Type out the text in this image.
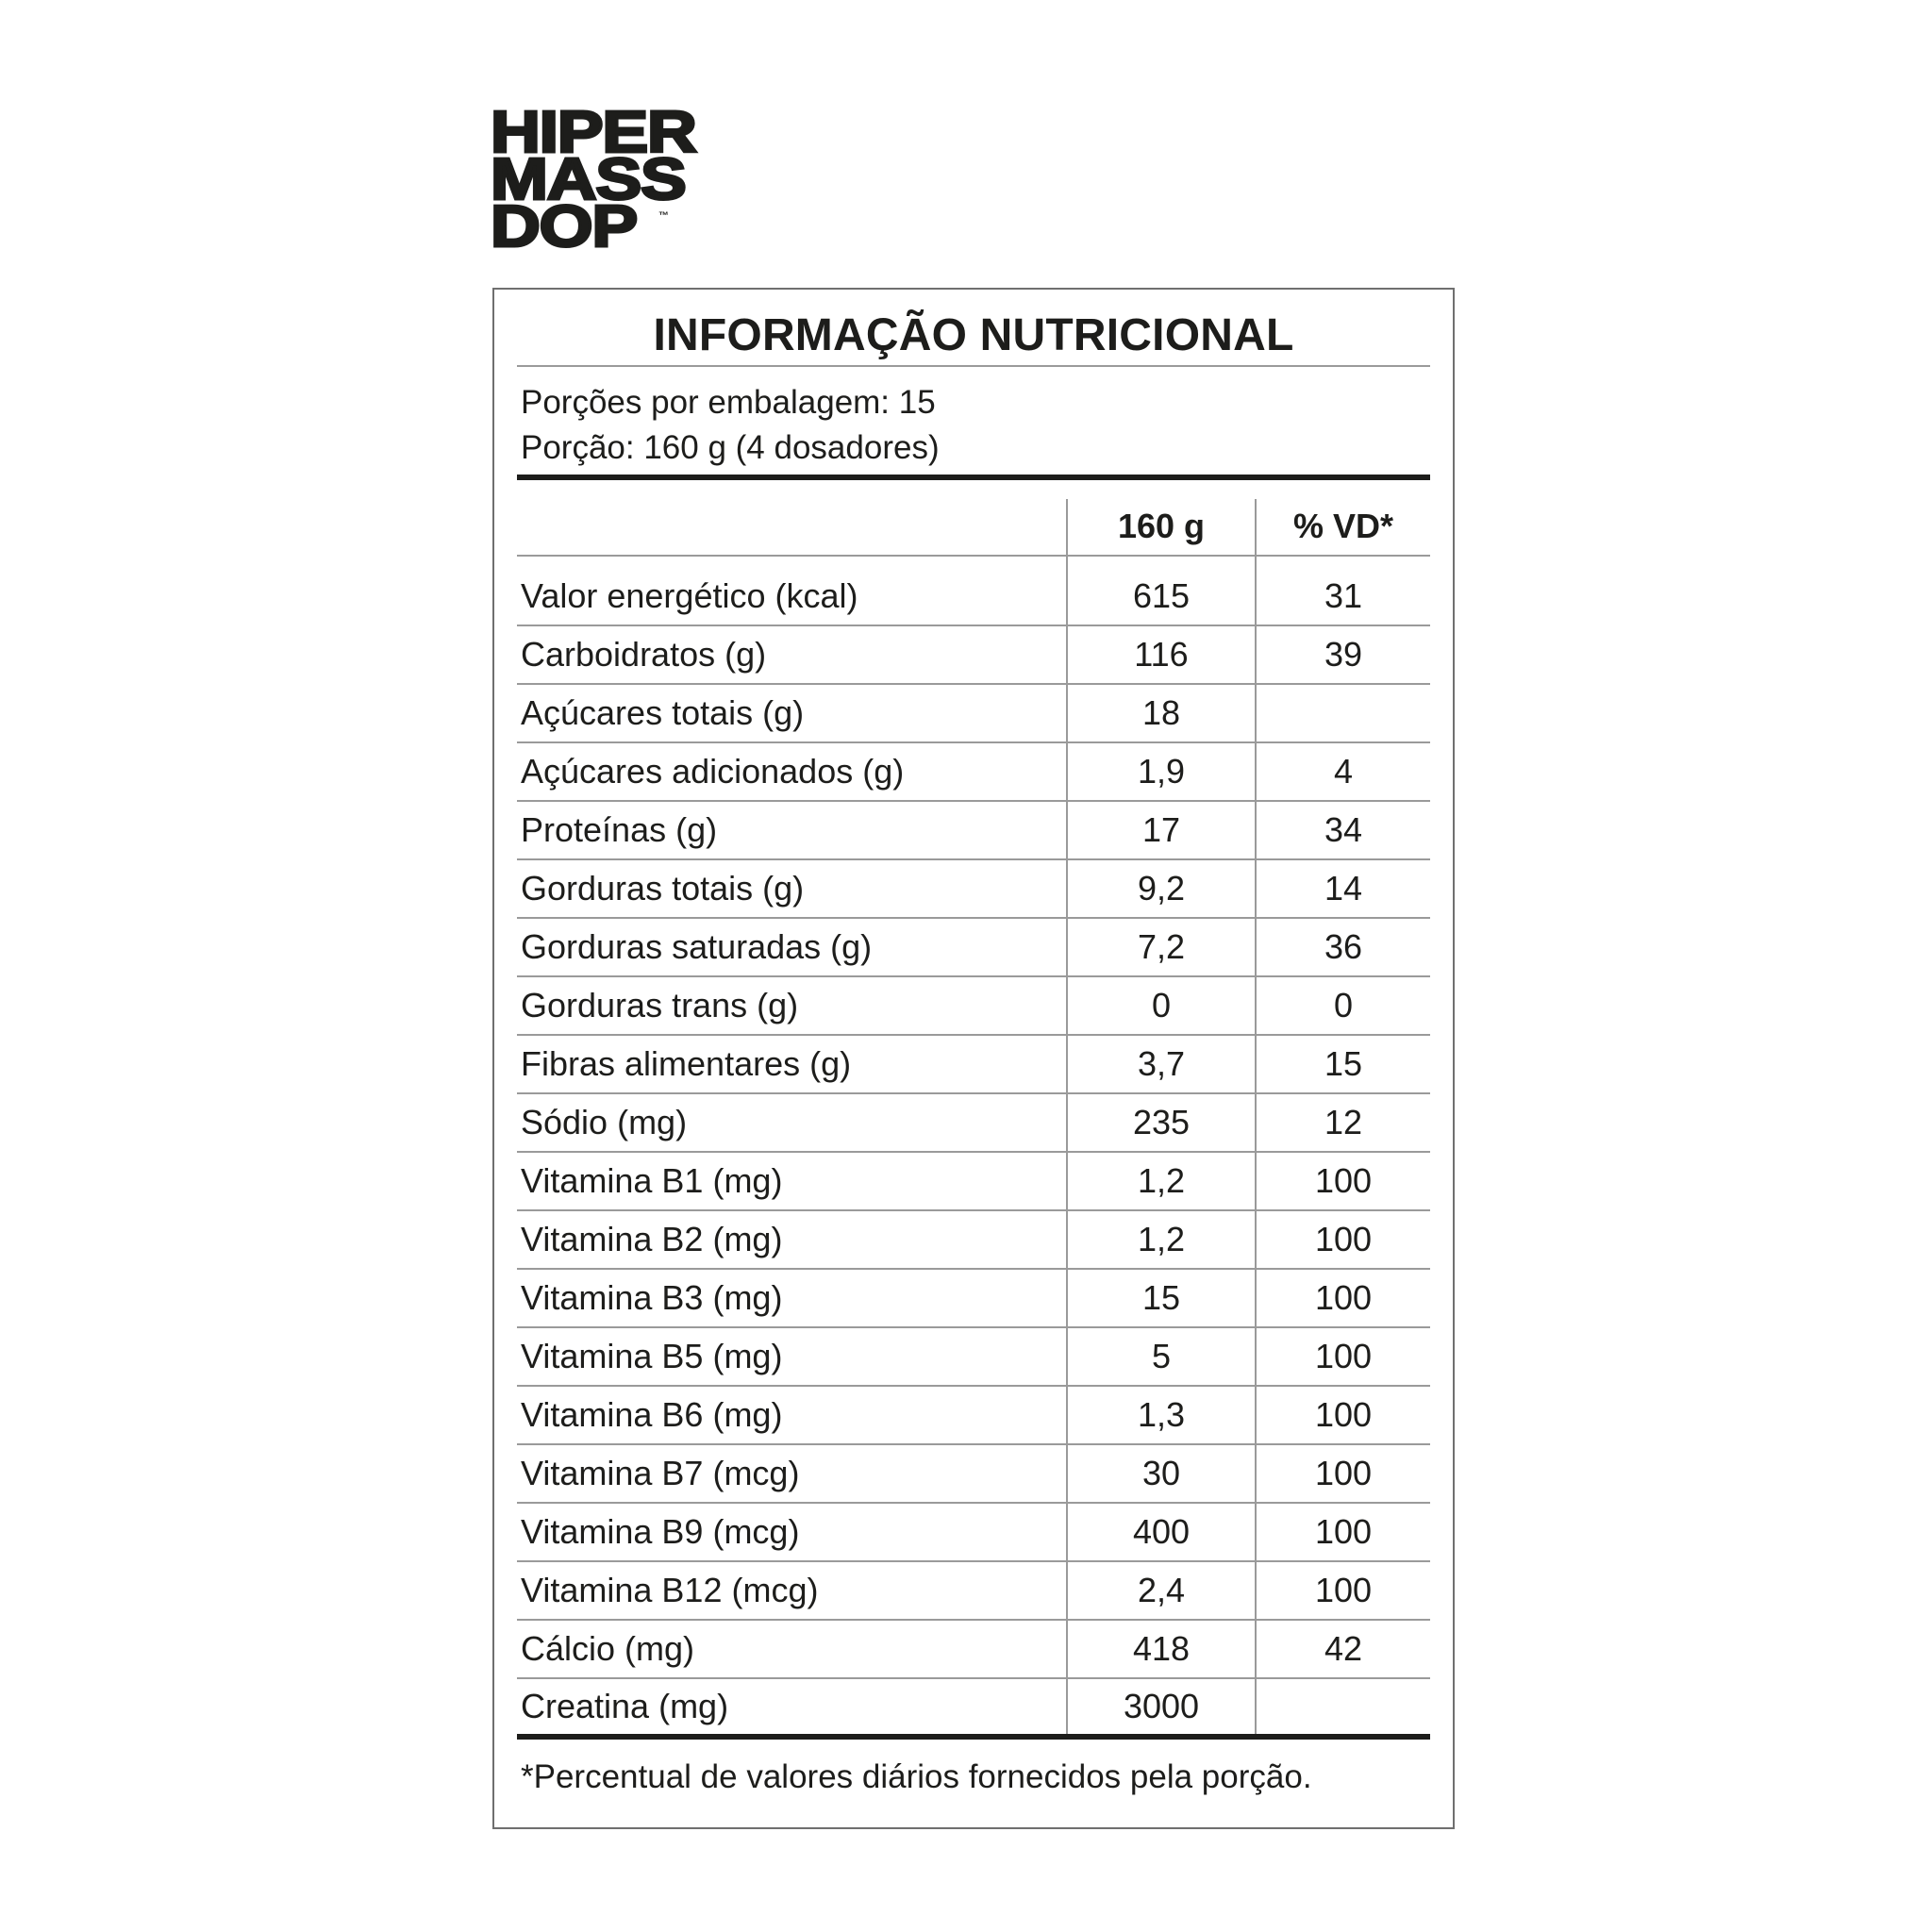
HIPER
MASS
DOP	™
INFORMAÇÃO NUTRICIONAL
Porções por embalagem: 15
Porção: 160 g (4 dosadores)
	160 g	% VD*
Valor energético (kcal)	615	31
Carboidratos (g)	116	39
Açúcares totais (g)	18	
Açúcares adicionados (g)	1,9	4
Proteínas (g)	17	34
Gorduras totais (g)	9,2	14
Gorduras saturadas (g)	7,2	36
Gorduras trans (g)	0	0
Fibras alimentares (g)	3,7	15
Sódio (mg)	235	12
Vitamina B1 (mg)	1,2	100
Vitamina B2 (mg)	1,2	100
Vitamina B3 (mg)	15	100
Vitamina B5 (mg)	5	100
Vitamina B6 (mg)	1,3	100
Vitamina B7 (mcg)	30	100
Vitamina B9 (mcg)	400	100
Vitamina B12 (mcg)	2,4	100
Cálcio (mg)	418	42
Creatina (mg)	3000	
*Percentual de valores diários fornecidos pela porção.
